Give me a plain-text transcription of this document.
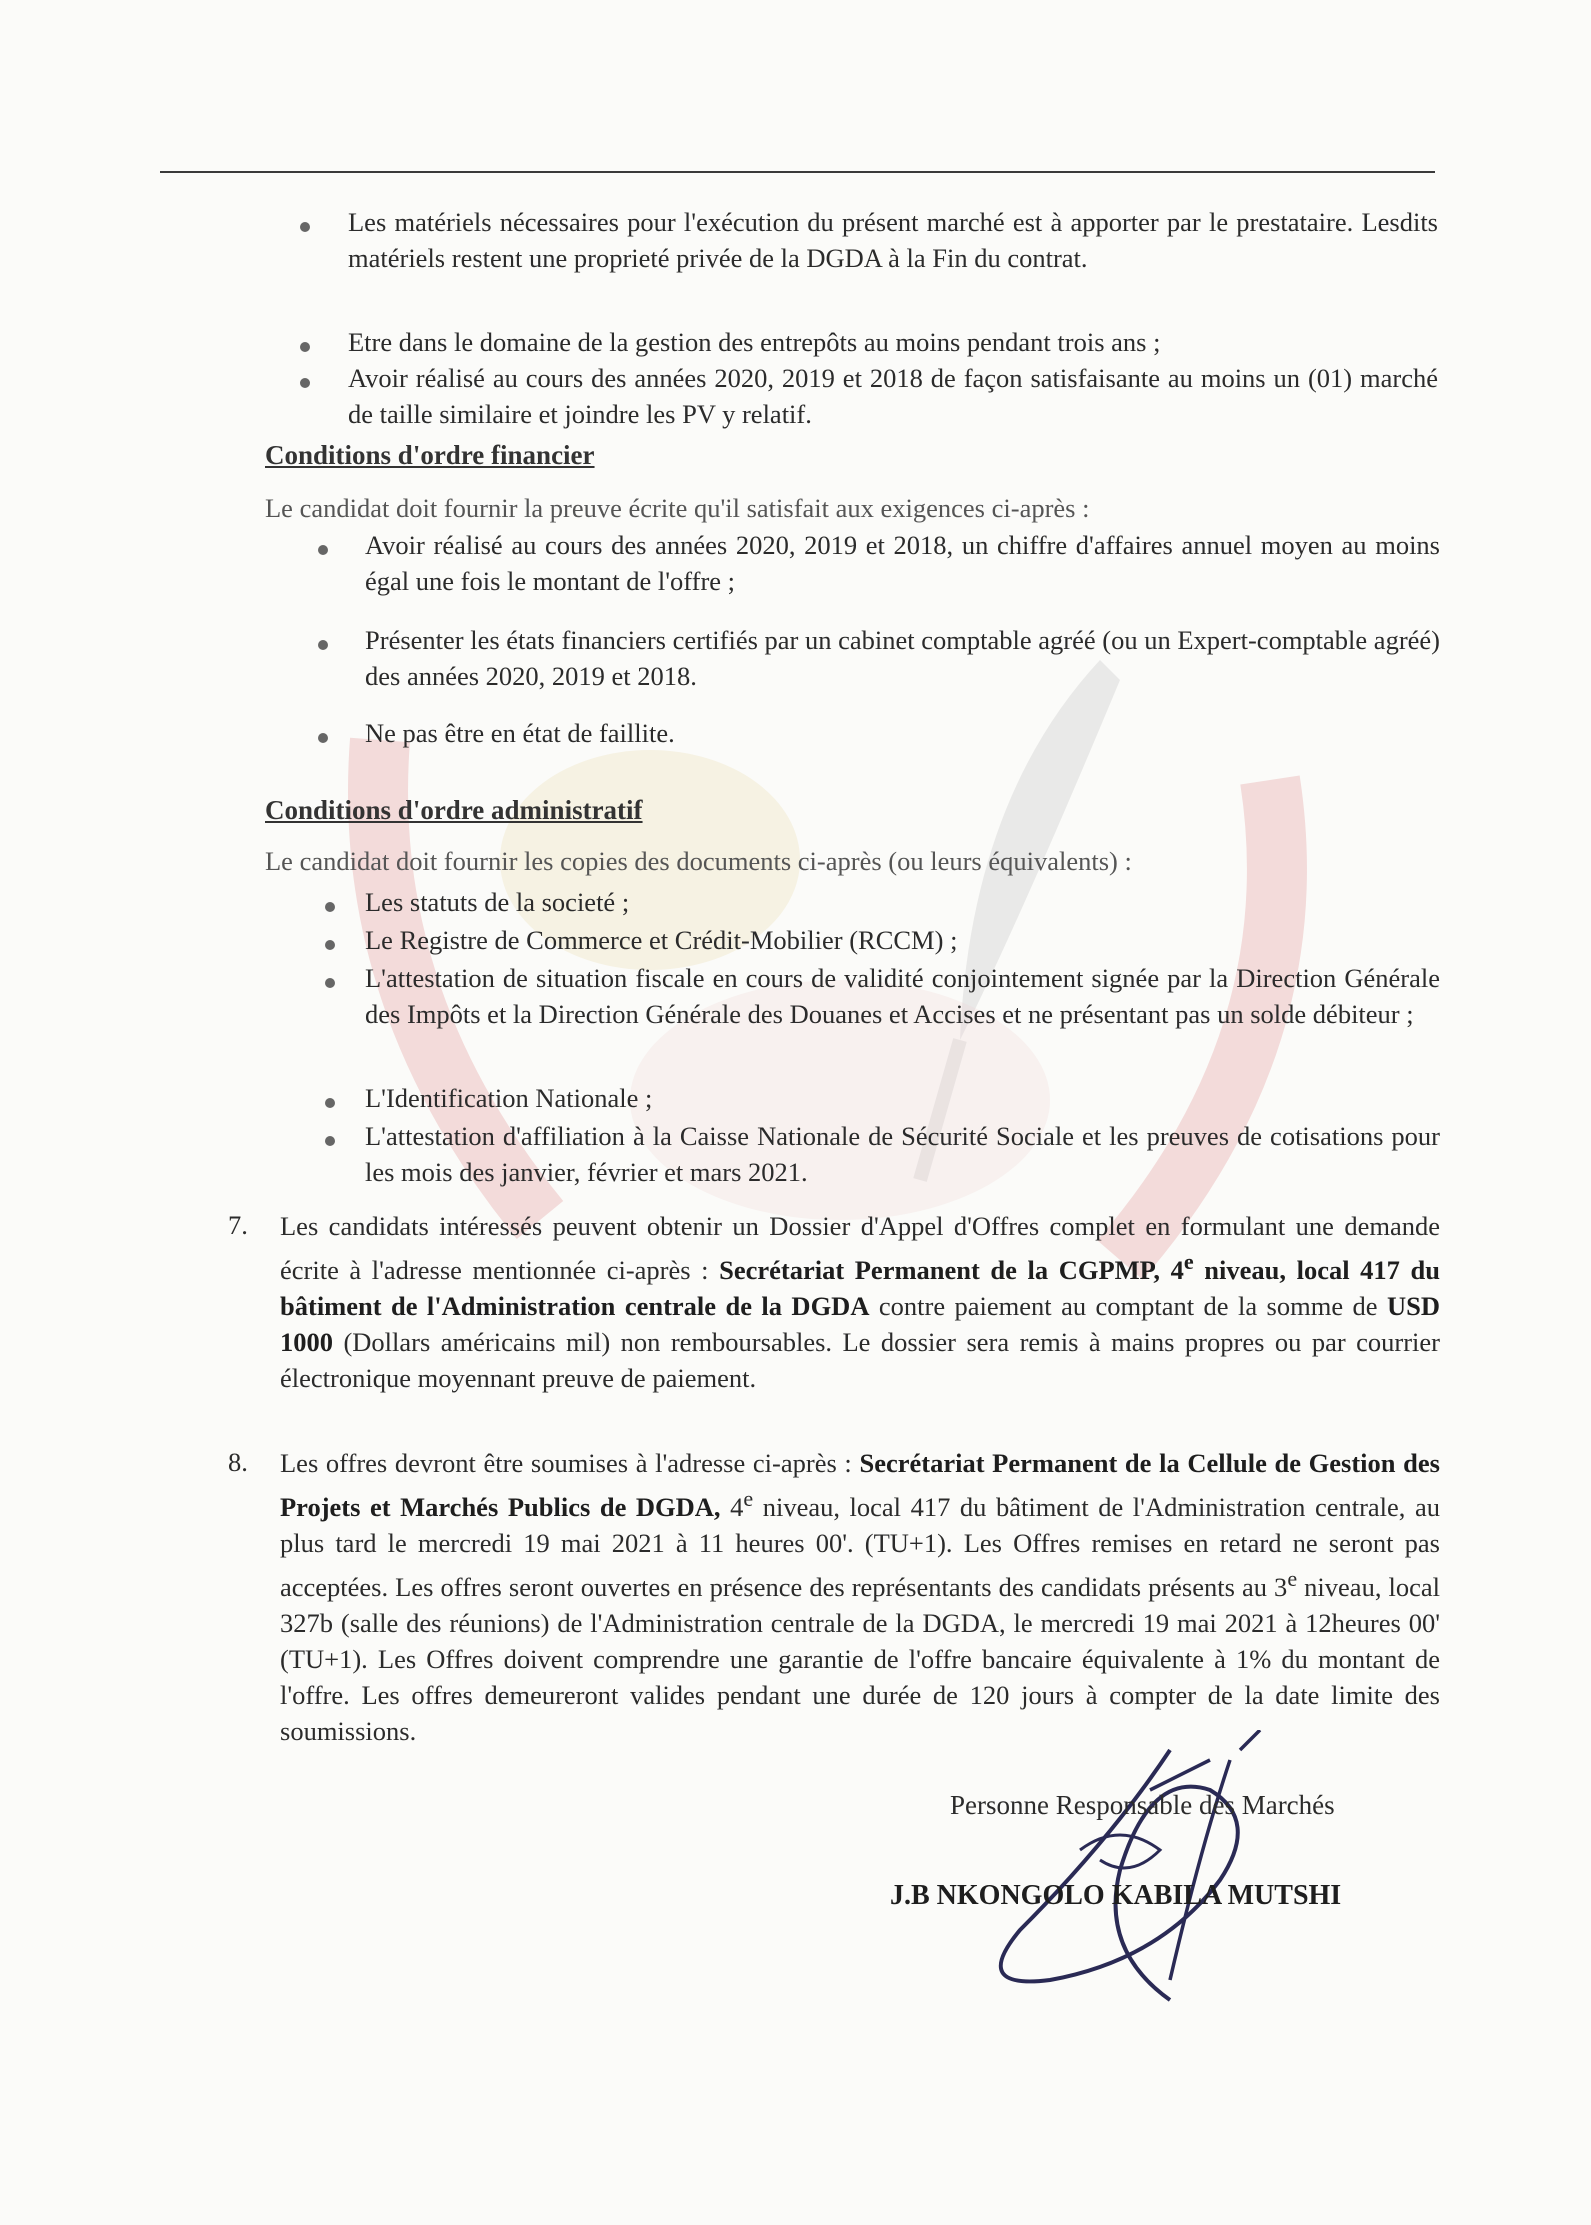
Les matériels nécessaires pour l'exécution du présent marché est à apporter par le prestataire. Lesdits matériels restent une proprieté privée de la DGDA à la Fin du contrat.
Etre dans le domaine de la gestion des entrepôts au moins pendant trois ans ;
Avoir réalisé au cours des années 2020, 2019 et 2018 de façon satisfaisante au moins un (01) marché de taille similaire et joindre les PV y relatif.
Conditions d'ordre financier
Le candidat doit fournir la preuve écrite qu'il satisfait aux exigences ci-après :
Avoir réalisé au cours des années 2020, 2019 et 2018, un chiffre d'affaires annuel moyen au moins égal une fois le montant de l'offre ;
Présenter les états financiers certifiés par un cabinet comptable agréé (ou un Expert-comptable agréé) des années 2020, 2019 et 2018.
Ne pas être en état de faillite.
Conditions d'ordre administratif
Le candidat doit fournir les copies des documents ci-après (ou leurs équivalents) :
Les statuts de la societé ;
Le Registre de Commerce et Crédit-Mobilier (RCCM) ;
L'attestation de situation fiscale en cours de validité conjointement signée par la Direction Générale des Impôts et la Direction Générale des Douanes et Accises et ne présentant pas un solde débiteur ;
L'Identification Nationale ;
L'attestation d'affiliation à la Caisse Nationale de Sécurité Sociale et les preuves de cotisations pour les mois des janvier, février et mars 2021.
7. Les candidats intéressés peuvent obtenir un Dossier d'Appel d'Offres complet en formulant une demande écrite à l'adresse mentionnée ci-après : Secrétariat Permanent de la CGPMP, 4e niveau, local 417 du bâtiment de l'Administration centrale de la DGDA contre paiement au comptant de la somme de USD 1000 (Dollars américains mil) non remboursables. Le dossier sera remis à mains propres ou par courrier électronique moyennant preuve de paiement.
8. Les offres devront être soumises à l'adresse ci-après : Secrétariat Permanent de la Cellule de Gestion des Projets et Marchés Publics de DGDA, 4e niveau, local 417 du bâtiment de l'Administration centrale, au plus tard le mercredi 19 mai 2021 à 11 heures 00'. (TU+1). Les Offres remises en retard ne seront pas acceptées. Les offres seront ouvertes en présence des représentants des candidats présents au 3e niveau, local 327b (salle des réunions) de l'Administration centrale de la DGDA, le mercredi 19 mai 2021 à 12heures 00' (TU+1). Les Offres doivent comprendre une garantie de l'offre bancaire équivalente à 1% du montant de l'offre. Les offres demeureront valides pendant une durée de 120 jours à compter de la date limite des soumissions.
Personne Responsable des Marchés
J.B NKONGOLO KABILA MUTSHI
